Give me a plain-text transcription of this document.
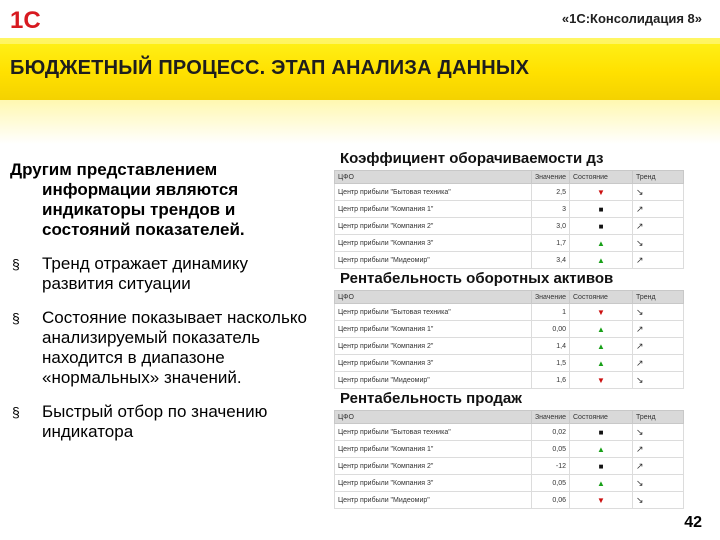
1С	«1С:Консолидация 8»
БЮДЖЕТНЫЙ ПРОЦЕСС. ЭТАП АНАЛИЗА ДАННЫХ

Другим представлением
информации являются
индикаторы трендов и
состояний показателей.

§ Тренд отражает динамику развития ситуации

§ Состояние показывает насколько анализируемый показатель находится в диапазоне «нормальных» значений.

§ Быстрый отбор по значению индикатора

Коэффициент оборачиваемости дз
ЦФО	Значение	Состояние	Тренд
Центр прибыли "Бытовая техника"	2,5	▼	↘
Центр прибыли "Компания 1"	3	■	↗
Центр прибыли "Компания 2"	3,0	■	↗
Центр прибыли "Компания 3"	1,7	▲	↘
Центр прибыли "Мидеомир"	3,4	▲	↗
Рентабельность оборотных активов
ЦФО	Значение	Состояние	Тренд
Центр прибыли "Бытовая техника"	1	▼	↘
Центр прибыли "Компания 1"	0,00	▲	↗
Центр прибыли "Компания 2"	1,4	▲	↗
Центр прибыли "Компания 3"	1,5	▲	↗
Центр прибыли "Мидеомир"	1,6	▼	↘
Рентабельность продаж
ЦФО	Значение	Состояние	Тренд
Центр прибыли "Бытовая техника"	0,02	■	↘
Центр прибыли "Компания 1"	0,05	▲	↗
Центр прибыли "Компания 2"	-12	■	↗
Центр прибыли "Компания 3"	0,05	▲	↘
Центр прибыли "Мидеомир"	0,06	▼	↘
42
